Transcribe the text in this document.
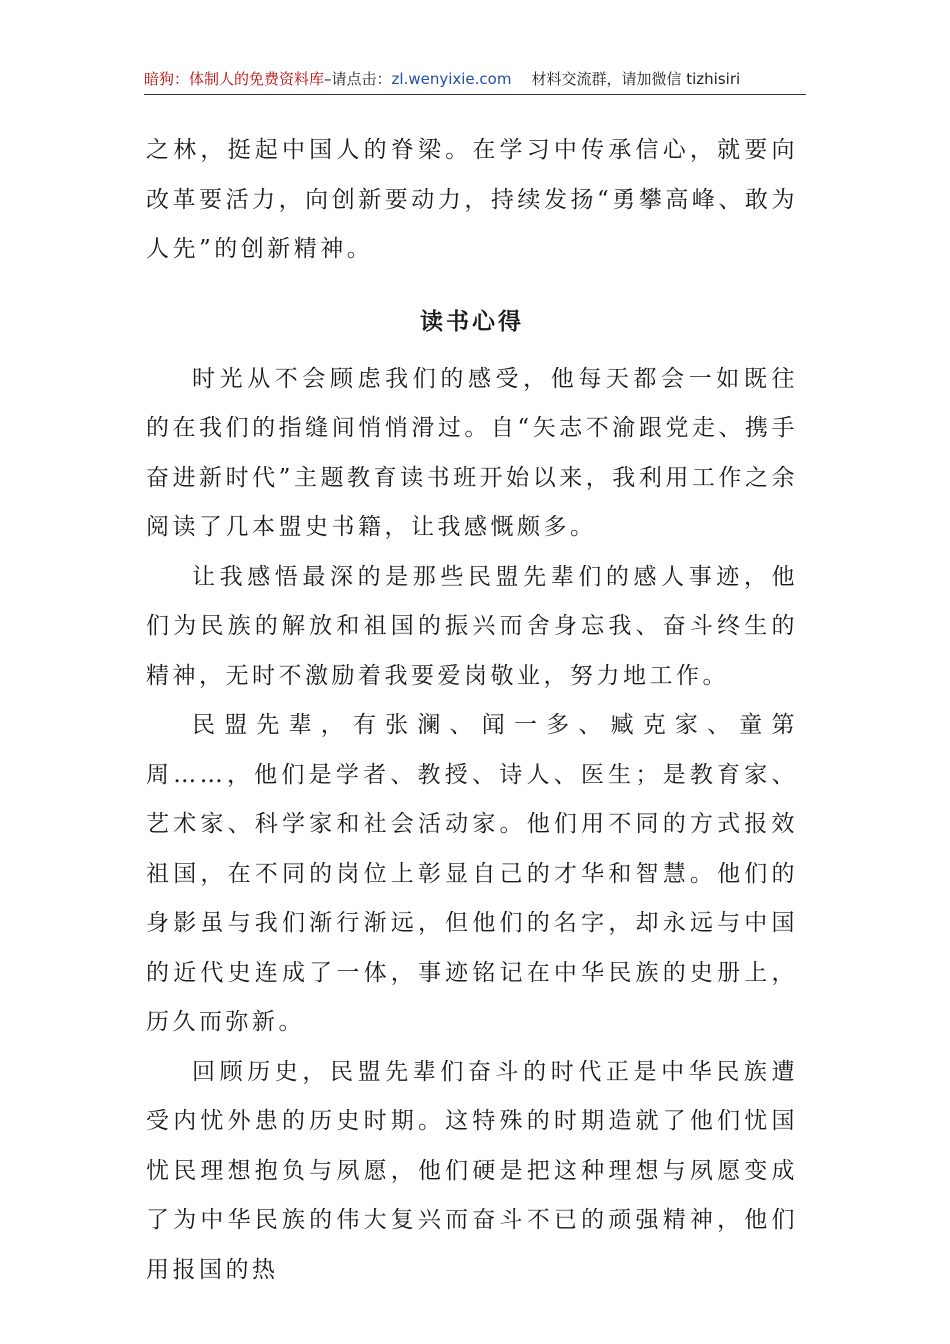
暗狗：体制人的免费资料库–请点击：zl.wenyixie.com 材料交流群，请加微信 tizhisiri

之林，挺起中国人的脊梁。在学习中传承信心，就要向改革要活力，向创新要动力，持续发扬“勇攀高峰、敢为人先”的创新精神。

读书心得

时光从不会顾虑我们的感受，他每天都会一如既往的在我们的指缝间悄悄滑过。自“矢志不渝跟党走、携手奋进新时代”主题教育读书班开始以来，我利用工作之余阅读了几本盟史书籍，让我感慨颇多。

让我感悟最深的是那些民盟先辈们的感人事迹，他们为民族的解放和祖国的振兴而舍身忘我、奋斗终生的精神，无时不激励着我要爱岗敬业，努力地工作。

民盟先辈，有张澜、闻一多、臧克家、童第周……，他们是学者、教授、诗人、医生；是教育家、艺术家、科学家和社会活动家。他们用不同的方式报效祖国，在不同的岗位上彰显自己的才华和智慧。他们的身影虽与我们渐行渐远，但他们的名字，却永远与中国的近代史连成了一体，事迹铭记在中华民族的史册上，历久而弥新。

回顾历史，民盟先辈们奋斗的时代正是中华民族遭受内忧外患的历史时期。这特殊的时期造就了他们忧国忧民理想抱负与夙愿，他们硬是把这种理想与夙愿变成了为中华民族的伟大复兴而奋斗不已的顽强精神，他们用报国的热
